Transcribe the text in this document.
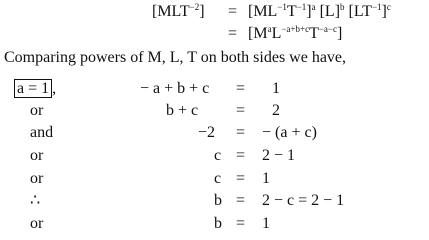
$[MLT^{-2}] = [ML^{-1}T^{-1}]^a$ $[L]^b$ $[LT^{-1}]^c$
= $[M^aL^{-a+b+c}T^{-a-c}]$
Comparing powers of M, L, T on both sides we have,
a = 1 ,	− a + b + c = 1
or	b + c = 2
and	−2 = − (a + c)
or	c = 2 − 1
or	c = 1
∴	b = 2 − c = 2 − 1
or	b = 1
